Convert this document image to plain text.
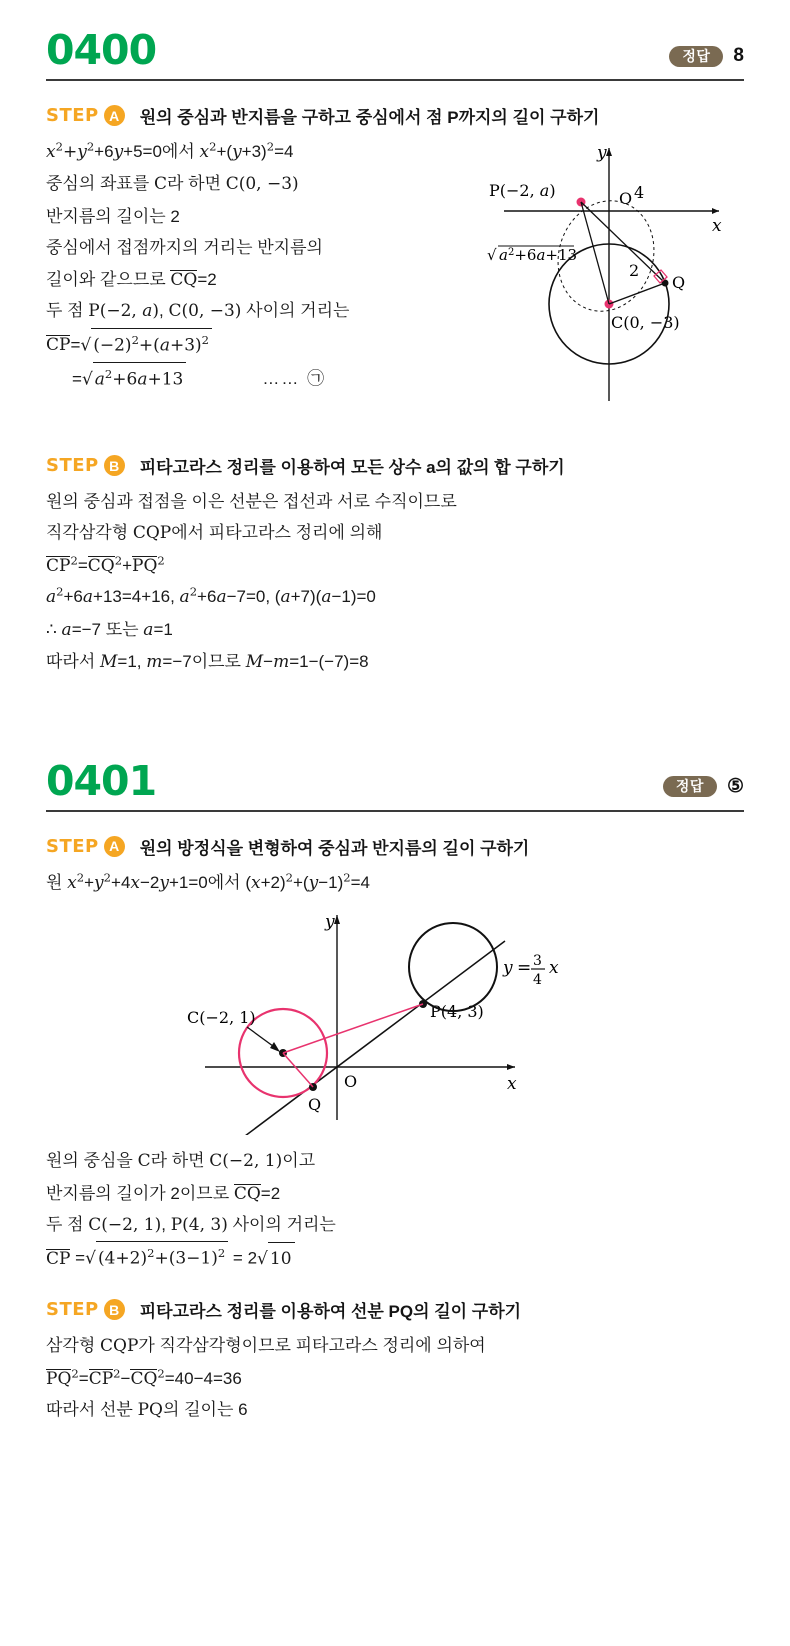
0400	정답	8
STEP A	원의 중심과 반지름을 구하고 중심에서 점 P까지의 길이 구하기
$x^2+y^2+6y+5=0$에서 $x^2+(y+3)^2=4$
중심의 좌표를 C라 하면 C(0, −3)
반지름의 길이는 2
중심에서 접점까지의 거리는 반지름의
길이와 같으므로 CQ=2
두 점 P(−2, a), C(0, −3) 사이의 거리는
CP=√ $(-2)^2+(a+3)^2$
=√ $a^2+6a+13$	…… ㉠
y
x
O
P(−2, a)	4
Q
2
C(0, −3)
√ $a^2+6a+13$
STEP B	피타고라스 정리를 이용하여 모든 상수 a의 값의 합 구하기
원의 중심과 접점을 이은 선분은 접선과 서로 수직이므로
직각삼각형 CQP에서 피타고라스 정리에 의해
$CP^2=CQ^2+PQ^2$
$a^2+6a+13=4+16$, $a^2+6a-7=0$, (a+7)(a−1)=0
∴ a=−7 또는 a=1
따라서 M=1, m=−7이므로 M−m=1−(−7)=8
0401	정답	⑤
STEP A	원의 방정식을 변형하여 중심과 반지름의 길이 구하기
원 $x^2+y^2+4x-2y+1=0$에서 $(x+2)^2+(y-1)^2=4$
y
x
O
C(−2, 1)
Q
P(4, 3)
y = 3
4
x
원의 중심을 C라 하면 C(−2, 1)이고
반지름의 길이가 2이므로 CQ=2
두 점 C(−2, 1), P(4, 3) 사이의 거리는
CP =√ $(4+2)^2+(3-1)^2 = 2√$ 10
STEP B	피타고라스 정리를 이용하여 선분 PQ의 길이 구하기
삼각형 CQP가 직각삼각형이므로 피타고라스 정리에 의하여
$PQ^2=CP^2-CQ^2=40-4=36$
따라서 선분 PQ의 길이는 6
